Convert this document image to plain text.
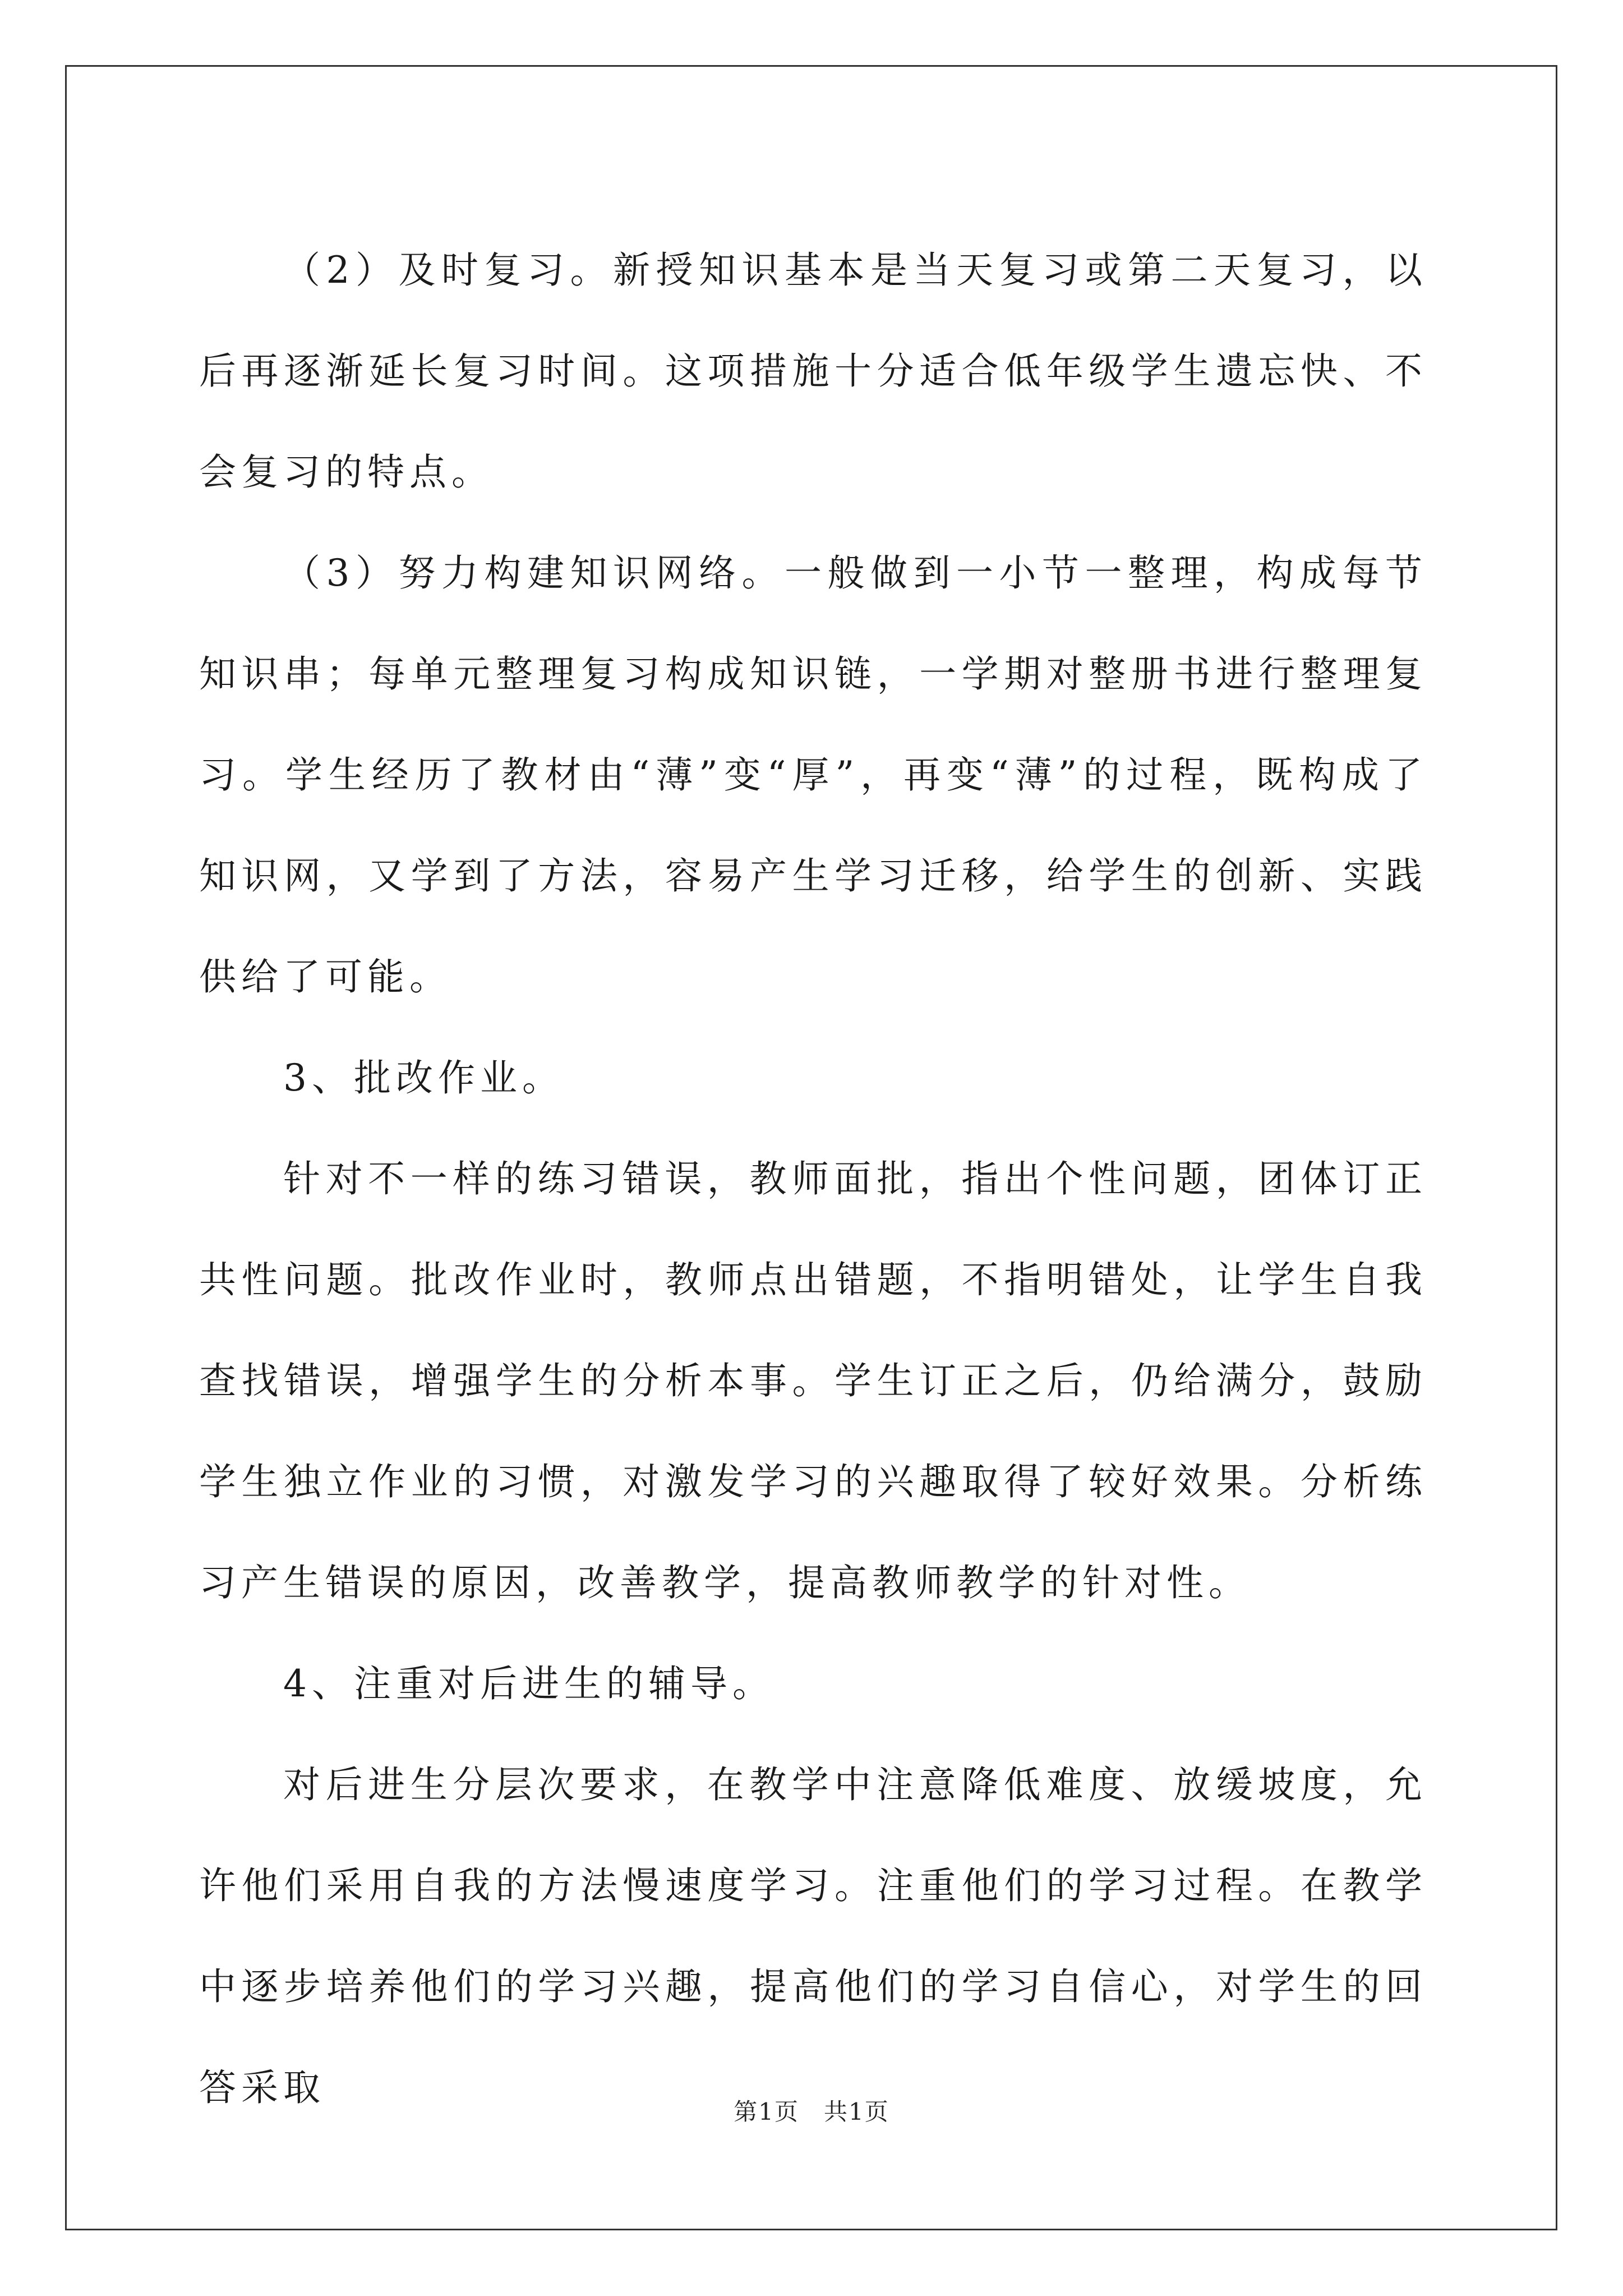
（2）及时复习。新授知识基本是当天复习或第二天复习，以后再逐渐延长复习时间。这项措施十分适合低年级学生遗忘快、不会复习的特点。

（3）努力构建知识网络。一般做到一小节一整理，构成每节知识串；每单元整理复习构成知识链，一学期对整册书进行整理复习。学生经历了教材由“薄”变“厚”，再变“薄”的过程，既构成了知识网，又学到了方法，容易产生学习迁移，给学生的创新、实践供给了可能。

3、批改作业。

针对不一样的练习错误，教师面批，指出个性问题，团体订正共性问题。批改作业时，教师点出错题，不指明错处，让学生自我查找错误，增强学生的分析本事。学生订正之后，仍给满分，鼓励学生独立作业的习惯，对激发学习的兴趣取得了较好效果。分析练习产生错误的原因，改善教学，提高教师教学的针对性。

4、注重对后进生的辅导。

对后进生分层次要求，在教学中注意降低难度、放缓坡度，允许他们采用自我的方法慢速度学习。注重他们的学习过程。在教学中逐步培养他们的学习兴趣，提高他们的学习自信心，对学生的回答采取

第1页 共1页
